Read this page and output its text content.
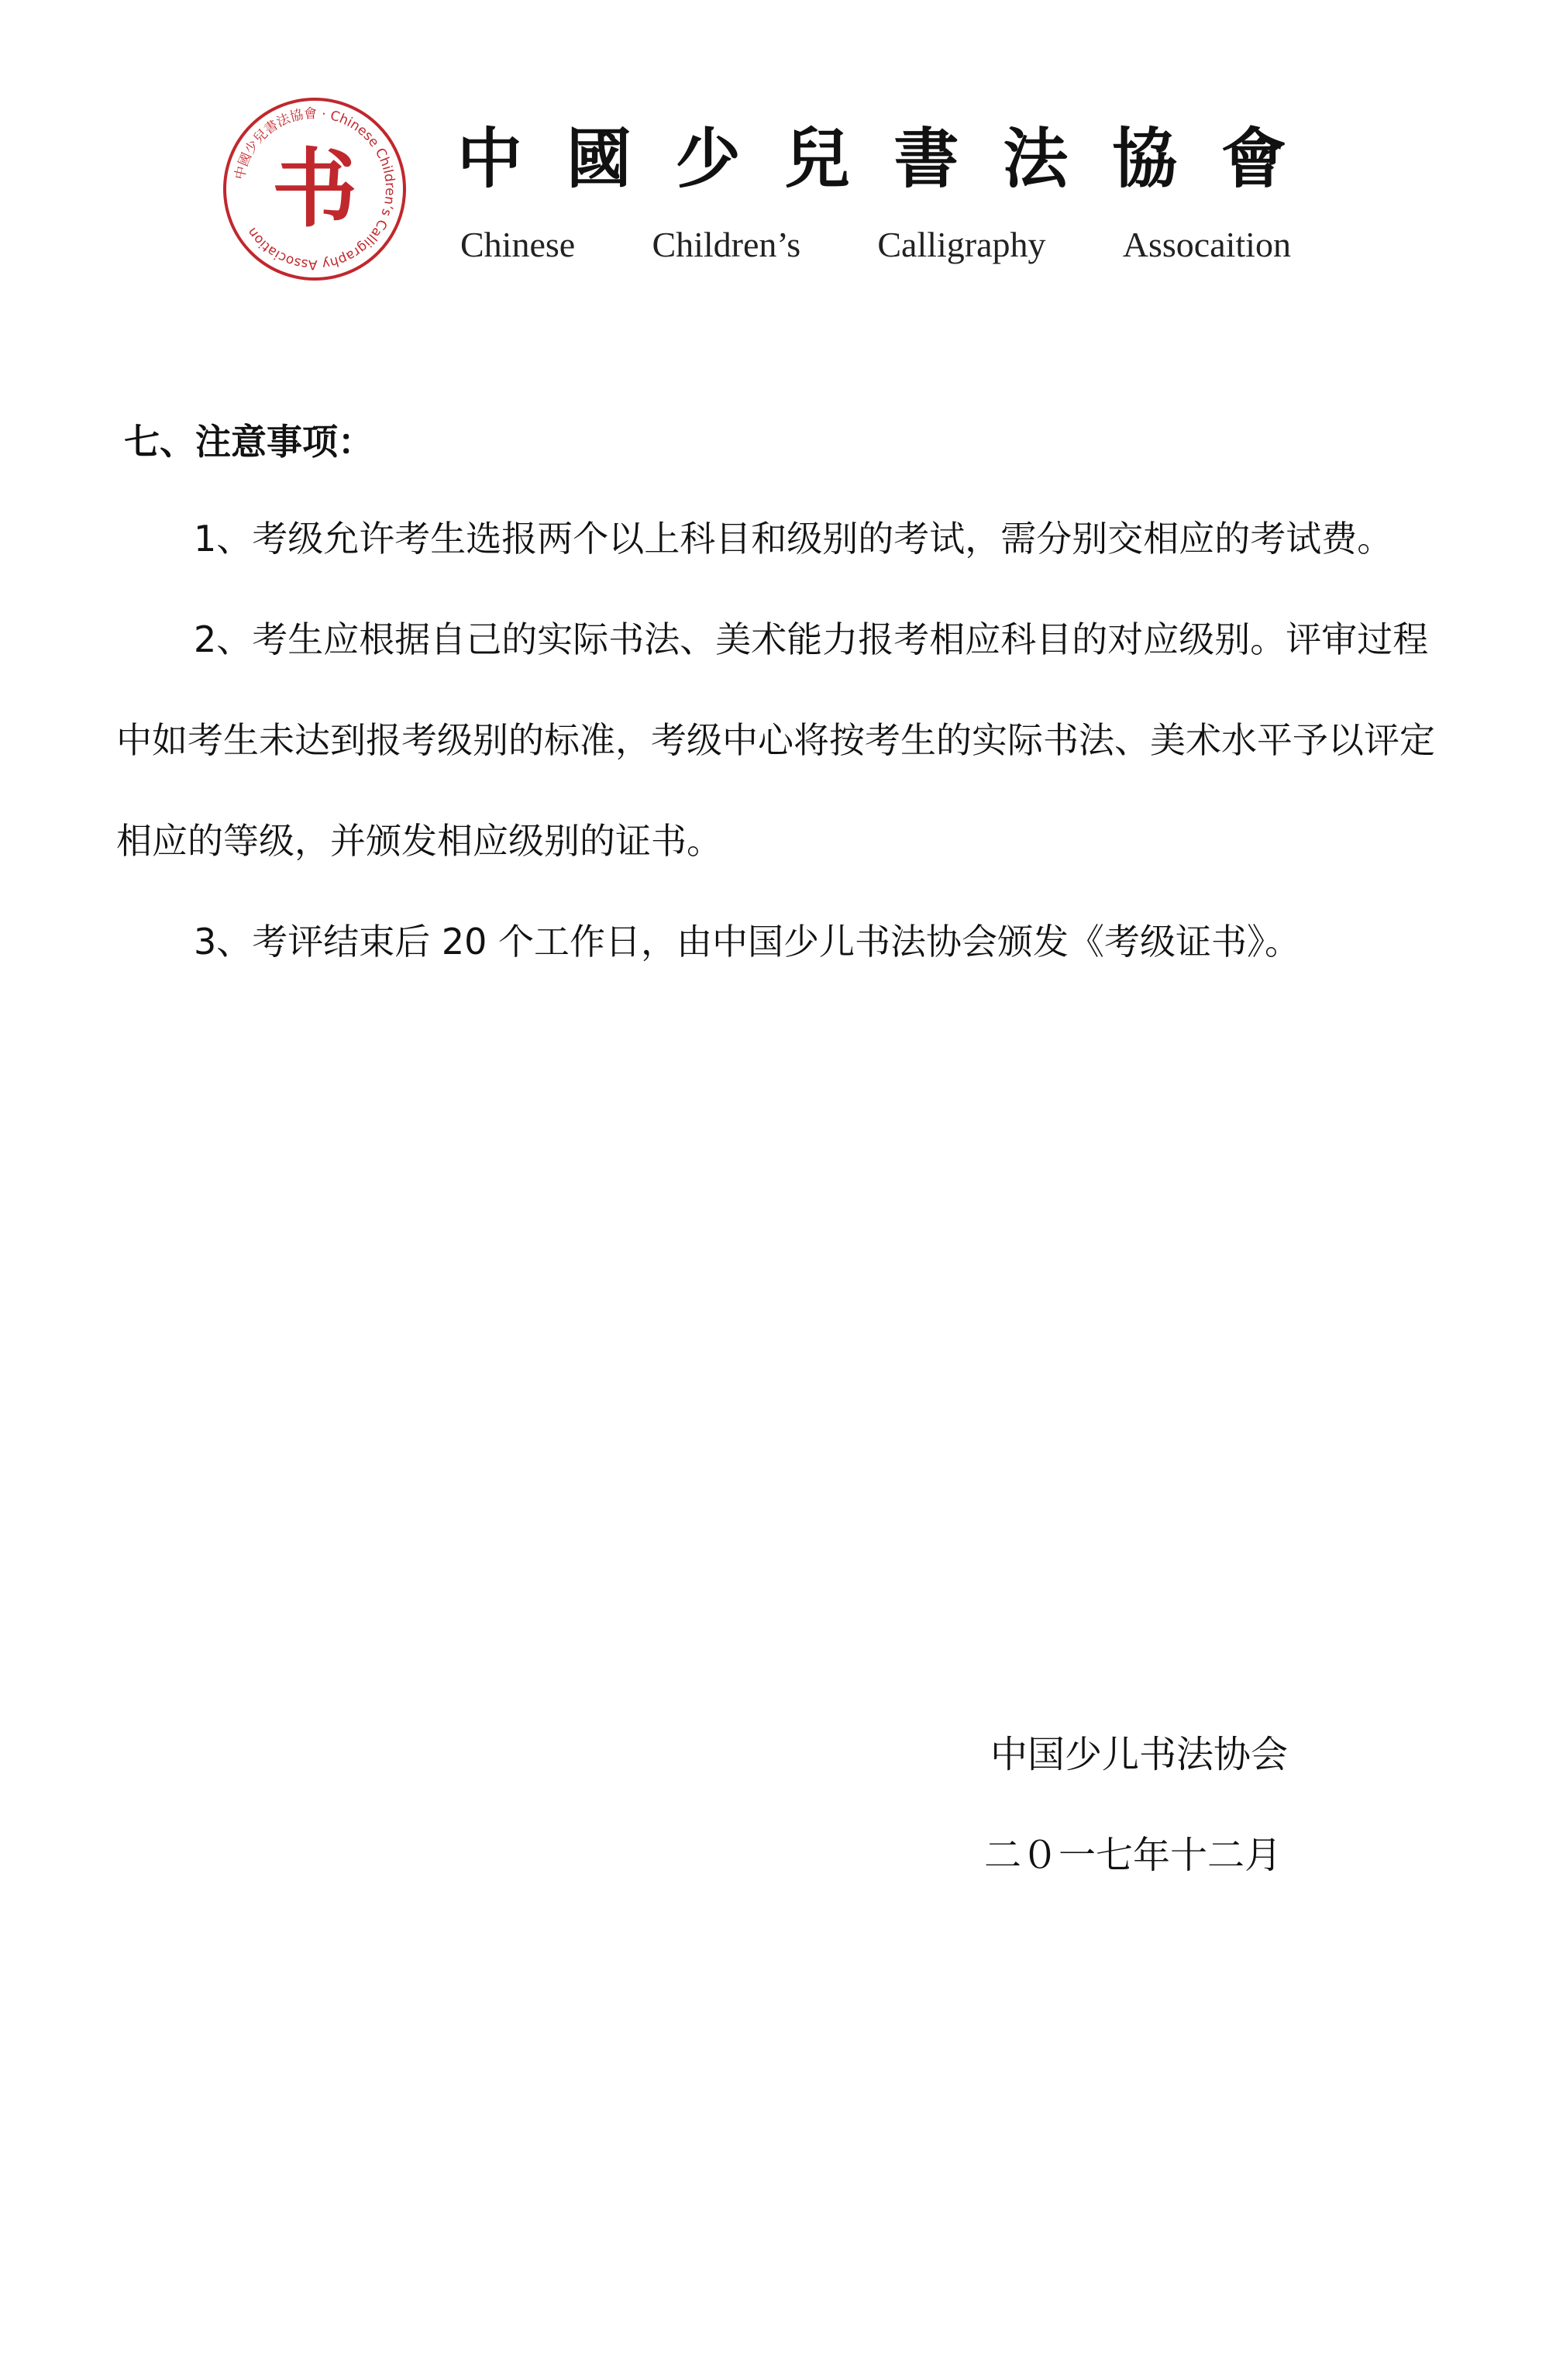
中國少兒書法協會 · Chinese Children’s Calligraphy Association 书 中 國 少 兒 書 法 協 會
Chinese Children’s Calligraphy Assocaition
七、注意事项：
1、考级允许考生选报两个以上科目和级别的考试，需分别交相应的考试费。
2、考生应根据自己的实际书法、美术能力报考相应科目的对应级别。评审过程中如考生未达到报考级别的标准，考级中心将按考生的实际书法、美术水平予以评定相应的等级，并颁发相应级别的证书。
3、考评结束后 20 个工作日，由中国少儿书法协会颁发《考级证书》。
中国少儿书法协会
二０一七年十二月
